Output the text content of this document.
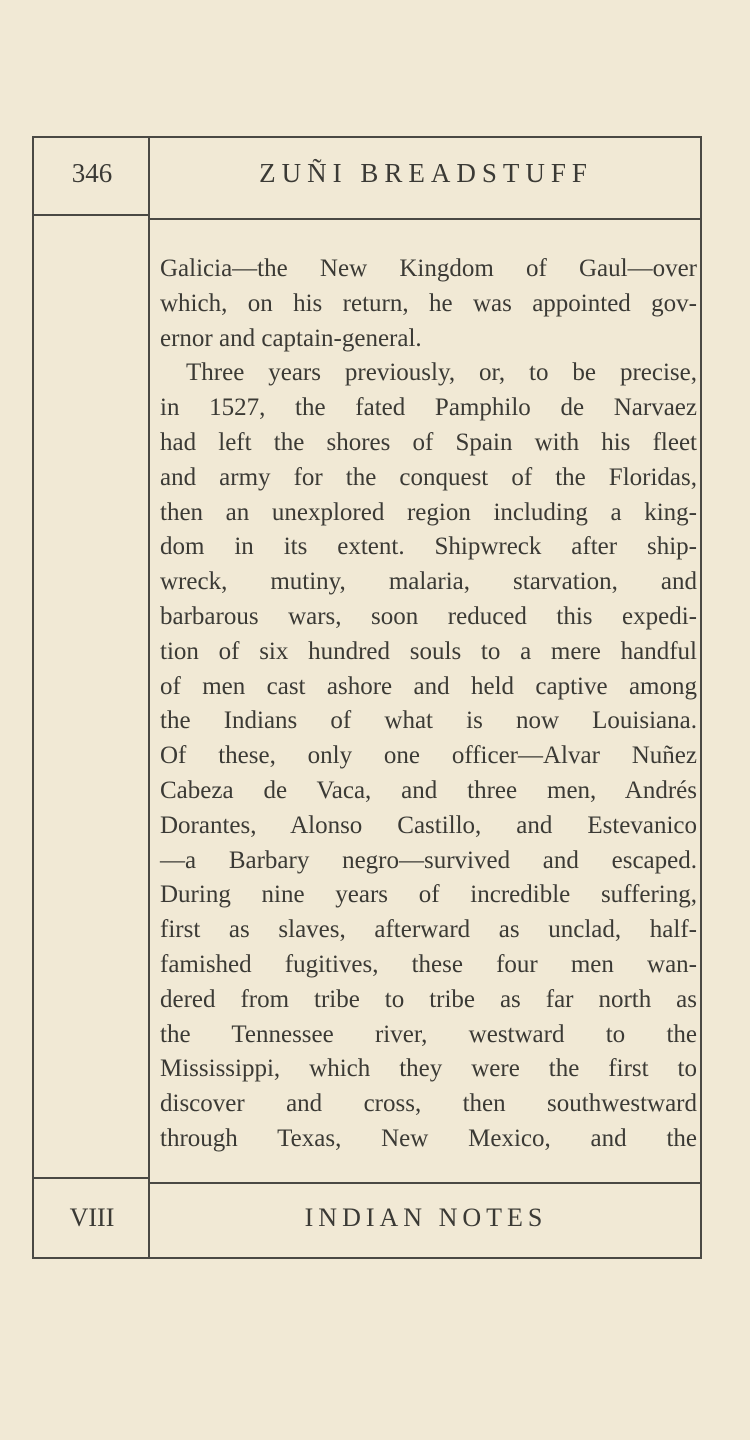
346	ZUÑI BREADSTUFF
Galicia—the New Kingdom of Gaul—over
which, on his return, he was appointed gov-
ernor and captain-general.
Three years previously, or, to be precise,
in 1527, the fated Pamphilo de Narvaez
had left the shores of Spain with his fleet
and army for the conquest of the Floridas,
then an unexplored region including a king-
dom in its extent. Shipwreck after ship-
wreck, mutiny, malaria, starvation, and
barbarous wars, soon reduced this expedi-
tion of six hundred souls to a mere handful
of men cast ashore and held captive among
the Indians of what is now Louisiana.
Of these, only one officer—Alvar Nuñez
Cabeza de Vaca, and three men, Andrés
Dorantes, Alonso Castillo, and Estevanico
—a Barbary negro—survived and escaped.
During nine years of incredible suffering,
first as slaves, afterward as unclad, half-
famished fugitives, these four men wan-
dered from tribe to tribe as far north as
the Tennessee river, westward to the
Mississippi, which they were the first to
discover and cross, then southwestward
through Texas, New Mexico, and the
VIII	INDIAN NOTES
